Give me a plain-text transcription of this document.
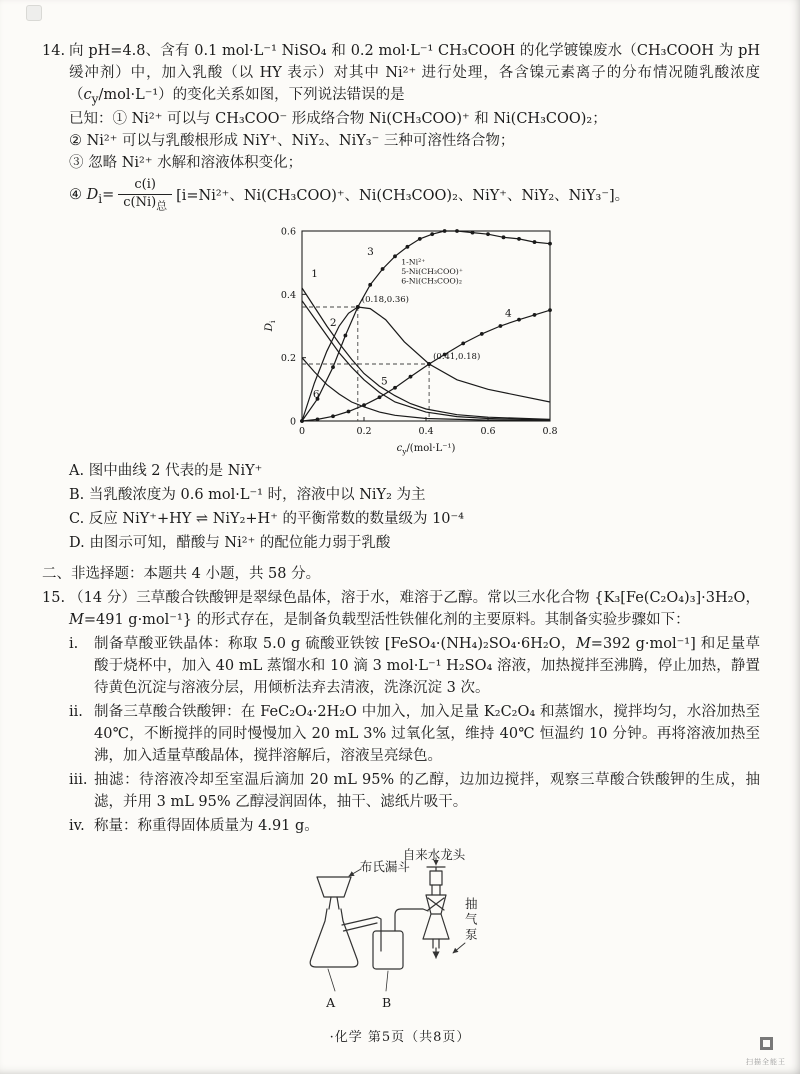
14. 向 pH=4.8、含有 0.1 mol·L⁻¹ NiSO₄ 和 0.2 mol·L⁻¹ CH₃COOH 的化学镀镍废水（CH₃COOH 为 pH 缓冲剂）中，加入乳酸（以 HY 表示）对其中 Ni²⁺ 进行处理，各含镍元素离子的分布情况随乳酸浓度$(c_y/mol\cdot L^{-1})$的变化关系如图，下列说法错误的是

已知：① Ni²⁺ 可以与 CH₃COO⁻ 形成络合物 Ni(CH₃COO)⁺ 和 Ni(CH₃COO)₂；

② Ni²⁺ 可以与乳酸根形成 NiY⁺、NiY₂、NiY₃⁻ 三种可溶性络合物；

③ 忽略 Ni²⁺ 水解和溶液体积变化；

④ $D_i= \frac{c(i)}{c(Ni)_总} [i=Ni^{2+}$、Ni(CH₃COO)⁺、Ni(CH₃COO)₂、NiY⁺、NiY₂、NiY₃⁻]。
0	0.2	0.4	0.6	0.8
0
0.2
0.4
0.6
(0.18,0.36)
(0.41,0.18)
1
2
3
4
5
6
1-Ni²⁺
5-Ni(CH₃COO)⁺
6-Ni(CH₃COO)₂
$c_y/(mol\cdot L^{-1})$
$D_i$

A. 图中曲线 2 代表的是 NiY⁺

B. 当乳酸浓度为 0.6 mol·L⁻¹ 时，溶液中以 NiY₂ 为主

C. 反应 NiY⁺+HY ⇌ NiY₂+H⁺ 的平衡常数的数量级为 10⁻⁴

D. 由图示可知，醋酸与 Ni²⁺ 的配位能力弱于乳酸

二、非选择题：本题共 4 小题，共 58 分。

15. （14 分）三草酸合铁酸钾是翠绿色晶体，溶于水，难溶于乙醇。常以三水化合物 {K₃[Fe(C₂O₄)₃]·3H₂O，M=491 g·mol⁻¹} 的形式存在，是制备负载型活性铁催化剂的主要原料。其制备实验步骤如下：

i.	制备草酸亚铁晶体：称取 5.0 g 硫酸亚铁铵 [FeSO₄·(NH₄)₂SO₄·6H₂O，M=392 g·mol⁻¹] 和足量草酸于烧杯中，加入 40 mL 蒸馏水和 10 滴 3 mol·L⁻¹ H₂SO₄ 溶液，加热搅拌至沸腾，停止加热，静置待黄色沉淀与溶液分层，用倾析法弃去清液，洗涤沉淀 3 次。

ii. 制备三草酸合铁酸钾：在 FeC₂O₄·2H₂O 中加入，加入足量 K₂C₂O₄ 和蒸馏水，搅拌均匀，水浴加热至 40℃，不断搅拌的同时慢慢加入 20 mL 3% 过氧化氢，维持 40℃ 恒温约 10 分钟。再将溶液加热至沸，加入适量草酸晶体，搅拌溶解后，溶液呈亮绿色。

iii. 抽滤：待溶液冷却至室温后滴加 20 mL 95% 的乙醇，边加边搅拌，观察三草酸合铁酸钾的生成，抽滤，并用 3 mL 95% 乙醇浸润固体，抽干、滤纸片吸干。

iv. 称量：称重得固体质量为 4.91 g。

自来水龙头
布氏漏斗
抽气泵
A	B
·化学 第5页（共8页）
扫描全能王
